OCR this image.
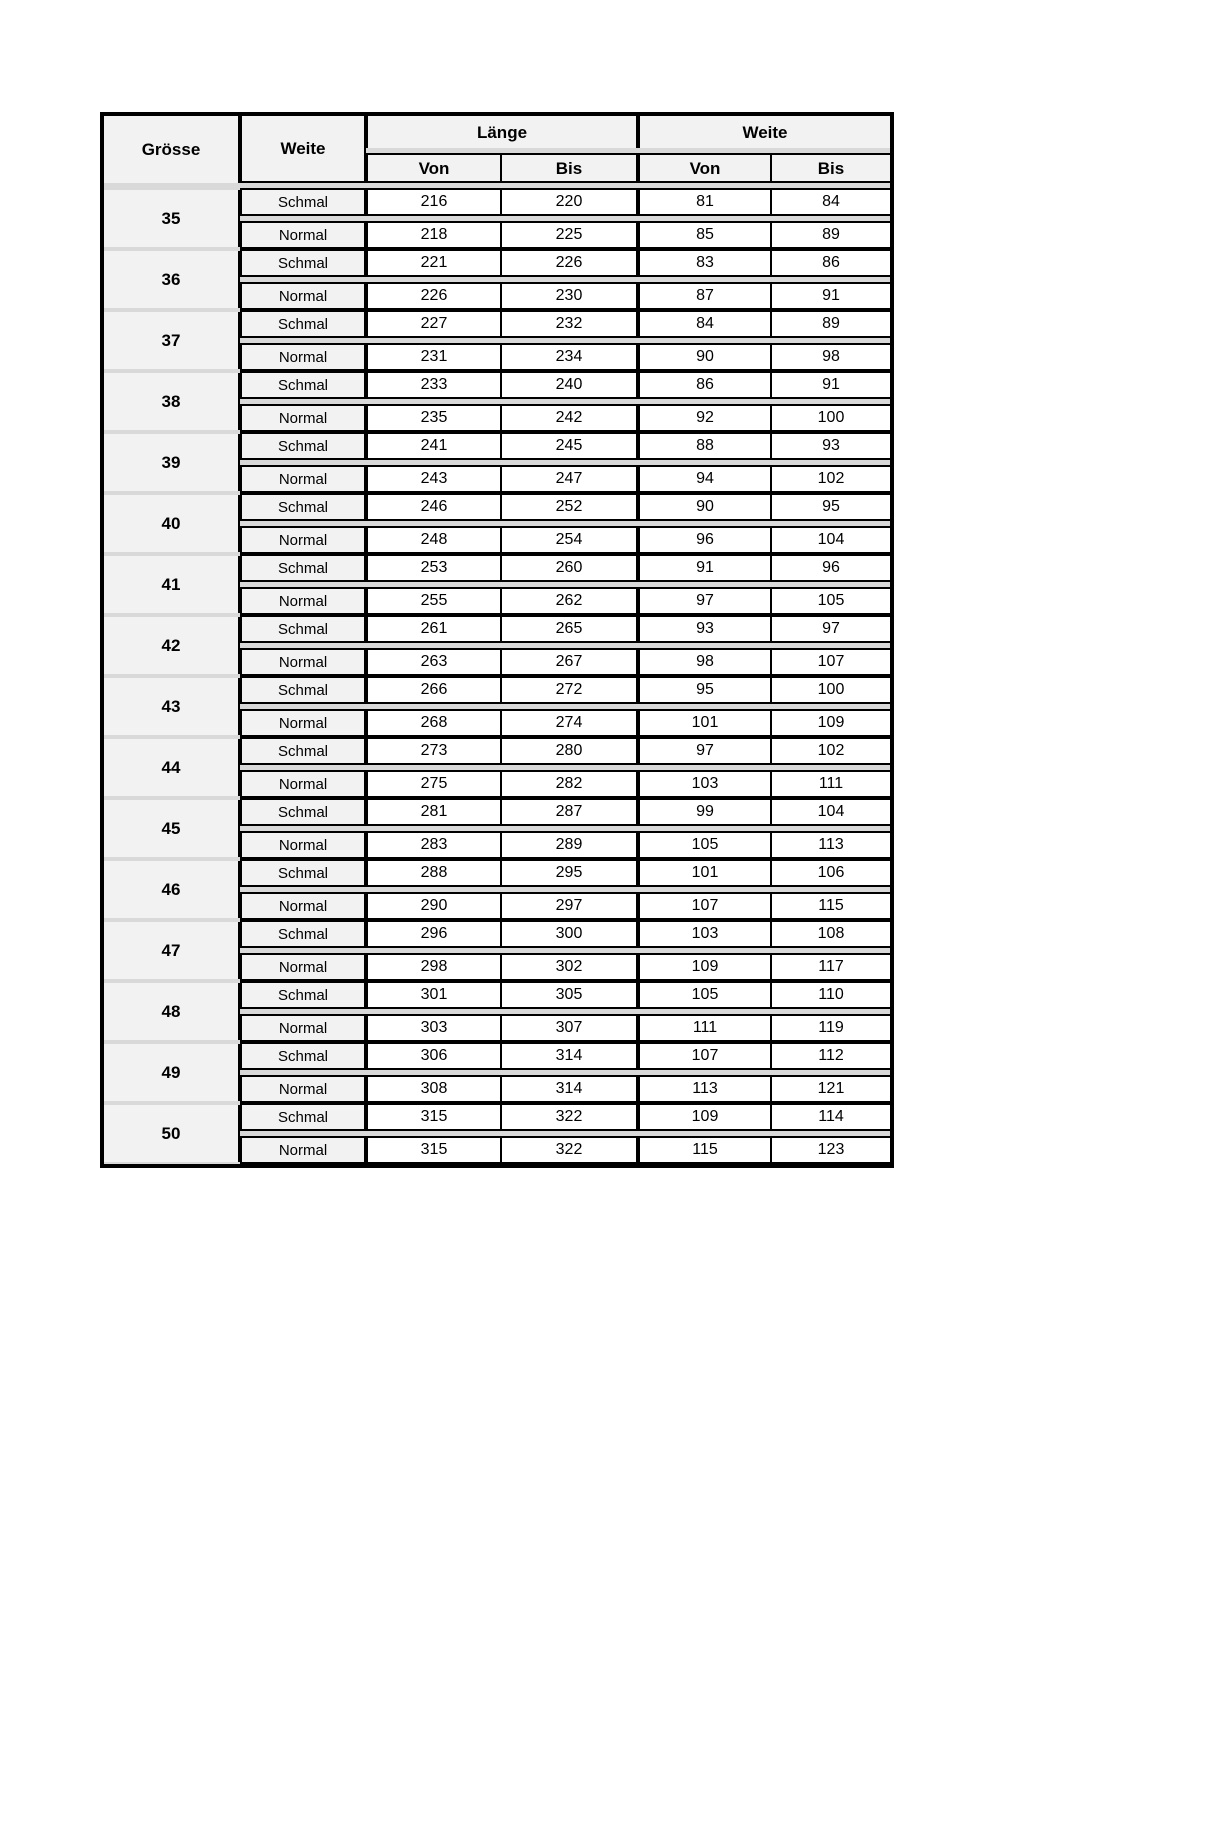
Grösse	Weite
Länge	Weite
Von	Bis	Von	Bis
35
Schmal	216	220	81	84
Normal	218	225	85	89
36
Schmal	221	226	83	86
Normal	226	230	87	91
37
Schmal	227	232	84	89
Normal	231	234	90	98
38
Schmal	233	240	86	91
Normal	235	242	92	100
39
Schmal	241	245	88	93
Normal	243	247	94	102
40
Schmal	246	252	90	95
Normal	248	254	96	104
41
Schmal	253	260	91	96
Normal	255	262	97	105
42
Schmal	261	265	93	97
Normal	263	267	98	107
43
Schmal	266	272	95	100
Normal	268	274	101	109
44
Schmal	273	280	97	102
Normal	275	282	103	111
45
Schmal	281	287	99	104
Normal	283	289	105	113
46
Schmal	288	295	101	106
Normal	290	297	107	115
47
Schmal	296	300	103	108
Normal	298	302	109	117
48
Schmal	301	305	105	110
Normal	303	307	111	119
49
Schmal	306	314	107	112
Normal	308	314	113	121
50
Schmal	315	322	109	114
Normal	315	322	115	123
